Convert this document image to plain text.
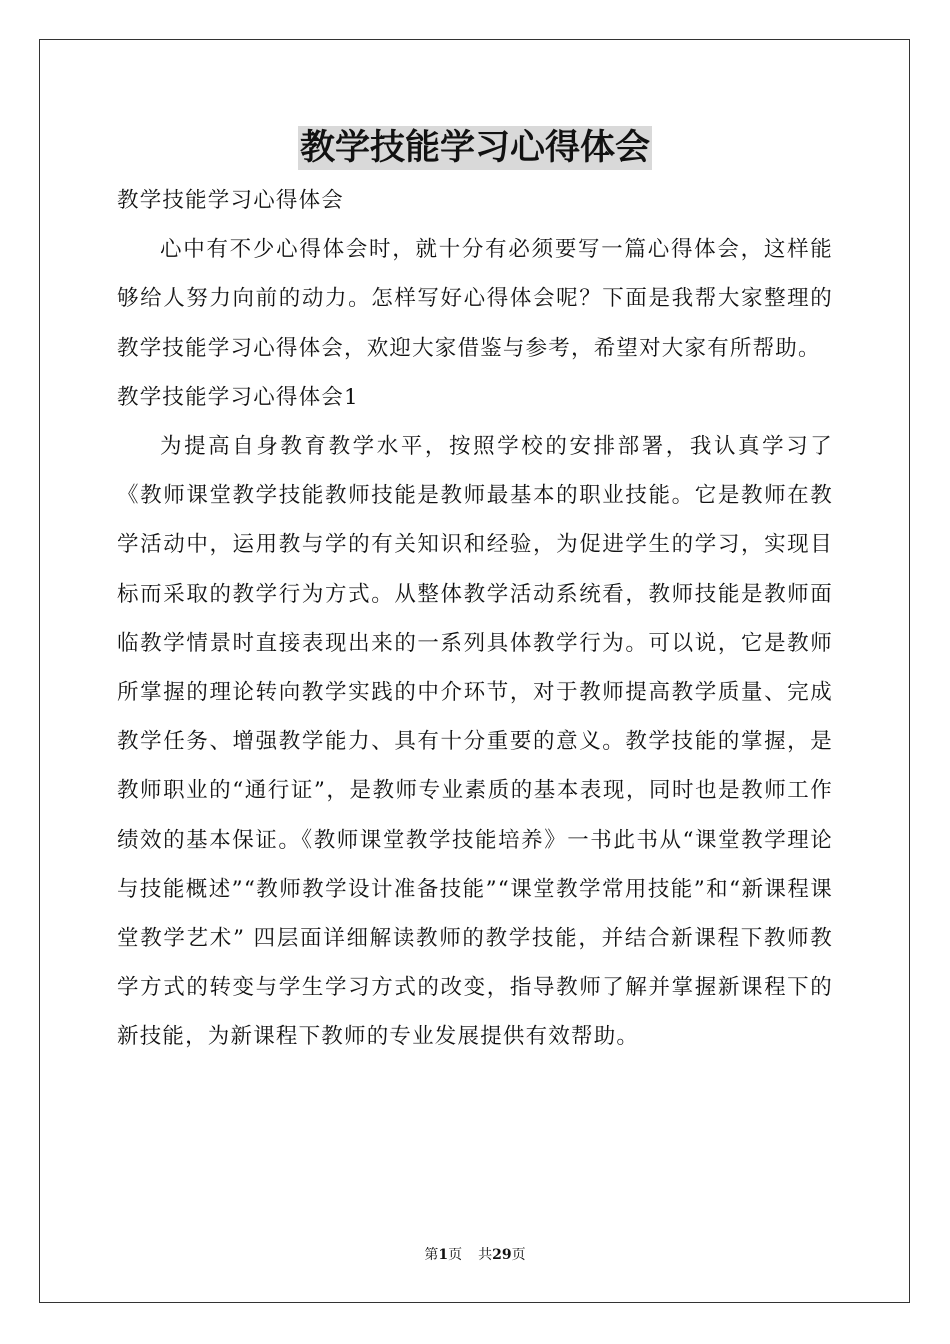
教学技能学习心得体会

教学技能学习心得体会

心中有不少心得体会时，就十分有必须要写一篇心得体会，这样能够给人努力向前的动力。怎样写好心得体会呢？下面是我帮大家整理的教学技能学习心得体会，欢迎大家借鉴与参考，希望对大家有所帮助。

教学技能学习心得体会1

为提高自身教育教学水平，按照学校的安排部署，我认真学习了《教师课堂教学技能教师技能是教师最基本的职业技能。它是教师在教学活动中，运用教与学的有关知识和经验，为促进学生的学习，实现目标而采取的教学行为方式。从整体教学活动系统看，教师技能是教师面临教学情景时直接表现出来的一系列具体教学行为。可以说，它是教师所掌握的理论转向教学实践的中介环节，对于教师提高教学质量、完成教学任务、增强教学能力、具有十分重要的意义。教学技能的掌握，是教师职业的“通行证”，是教师专业素质的基本表现，同时也是教师工作绩效的基本保证。《教师课堂教学技能培养》一书此书从“课堂教学理论与技能概述”“教师教学设计准备技能”“课堂教学常用技能”和“新课程课堂教学艺术” 四层面详细解读教师的教学技能，并结合新课程下教师教学方式的转变与学生学习方式的改变，指导教师了解并掌握新课程下的新技能，为新课程下教师的专业发展提供有效帮助。

第1页 共29页
